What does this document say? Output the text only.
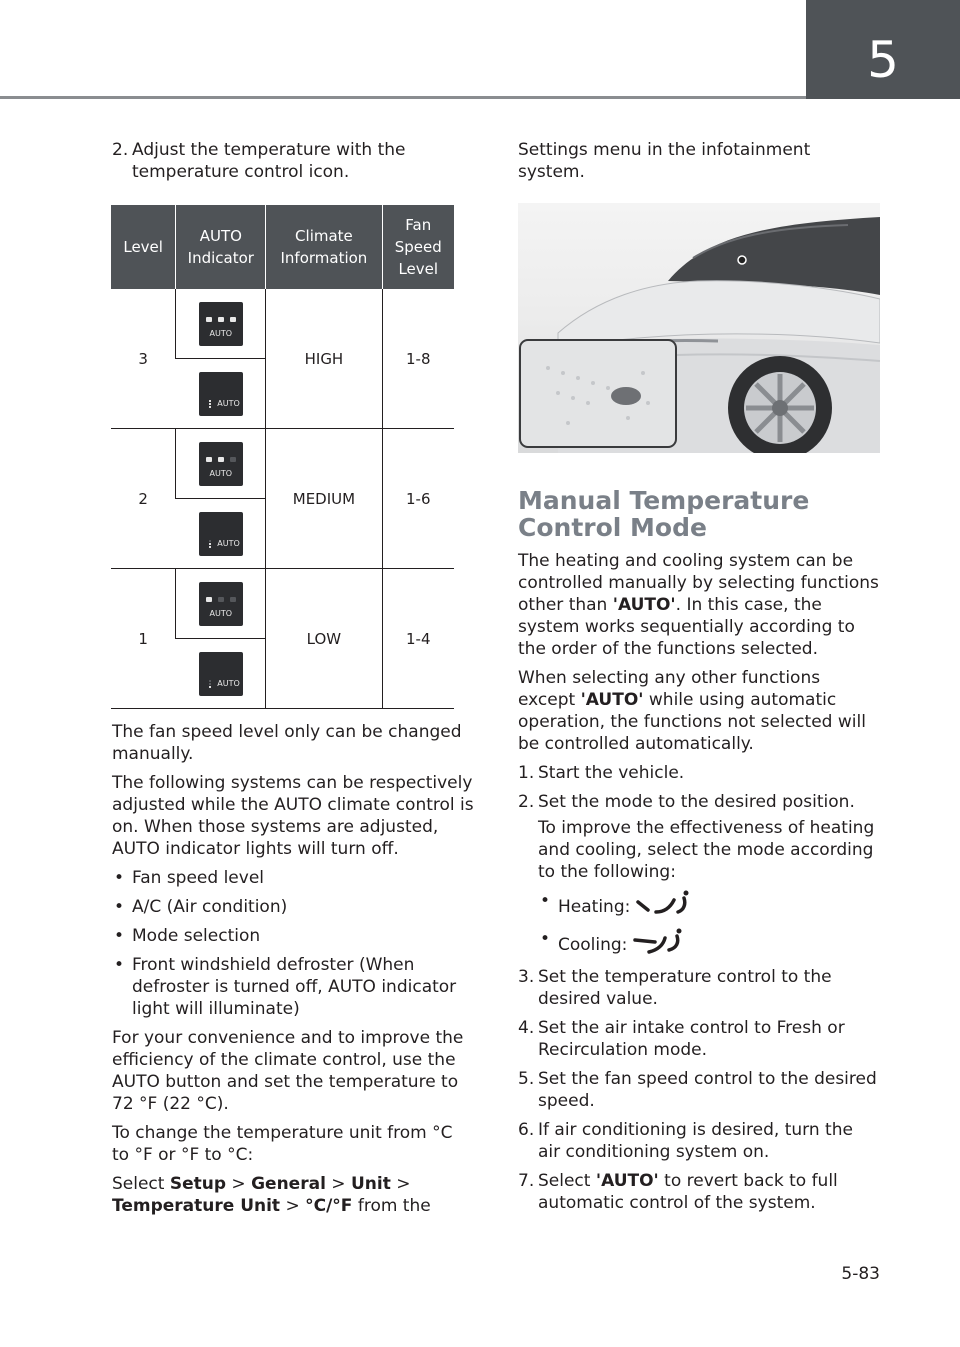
5
2. Adjust the temperature with the temperature control icon.
Level	AUTO Indicator	Climate Information	Fan Speed Level
3	AUTO	HIGH	1-8

	AUTO		

2	AUTO	MEDIUM	1-6

	AUTO		

1	AUTO	LOW	1-4

	AUTO		

The fan speed level only can be changed manually.

The following systems can be respectively adjusted while the AUTO climate control is on. When those systems are adjusted, AUTO indicator lights will turn off.

• Fan speed level
• A/C (Air condition)
• Mode selection
• Front windshield defroster (When defroster is turned off, AUTO indicator light will illuminate)

For your convenience and to improve the efficiency of the climate control, use the AUTO button and set the temperature to 72 °F (22 °C).

To change the temperature unit from °C to °F or °F to °C:

Select Setup > General > Unit > Temperature Unit > °C/°F from the

Settings menu in the infotainment system.

Manual Temperature Control Mode

The heating and cooling system can be controlled manually by selecting functions other than 'AUTO'. In this case, the system works sequentially according to the order of the functions selected.

When selecting any other functions except 'AUTO' while using automatic operation, the functions not selected will be controlled automatically.

1. Start the vehicle.
2. Set the mode to the desired position.
To improve the effectiveness of heating and cooling, select the mode according to the following:
• Heating:
• Cooling:
3. Set the temperature control to the desired value.
4. Set the air intake control to Fresh or Recirculation mode.
5. Set the fan speed control to the desired speed.
6. If air conditioning is desired, turn the air conditioning system on.
7. Select 'AUTO' to revert back to full automatic control of the system.
5-83
